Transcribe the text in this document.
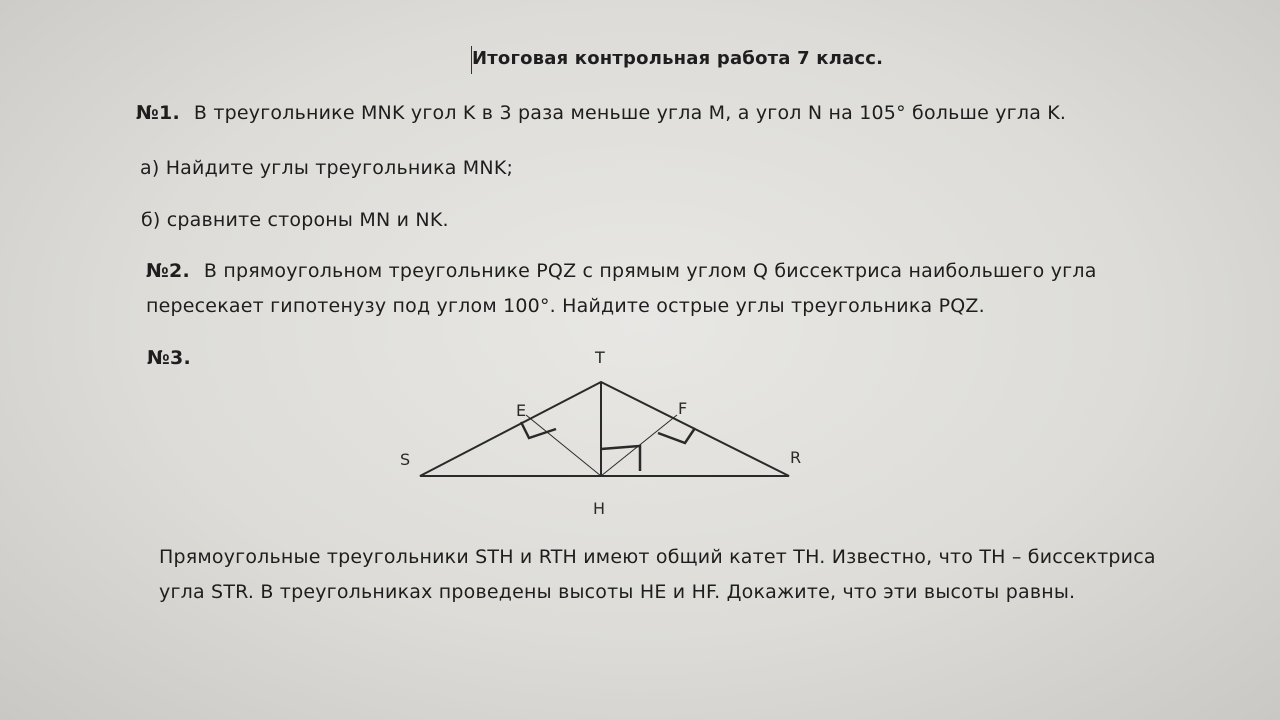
Итоговая контрольная работа 7 класс.
№1. В треугольнике MNK угол K в 3 раза меньше угла M, а угол N на 105° больше угла K.
а) Найдите углы треугольника MNK;
б) сравните стороны MN и NK.
№2. В прямоугольном треугольнике PQZ с прямым углом Q биссектриса наибольшего угла
пересекает гипотенузу под углом 100°. Найдите острые углы треугольника PQZ.
№3.	T
E	F
S	R
H
Прямоугольные треугольники STH и RTH имеют общий катет TH. Известно, что TH – биссектриса
угла STR. В треугольниках проведены высоты HE и HF. Докажите, что эти высоты равны.
